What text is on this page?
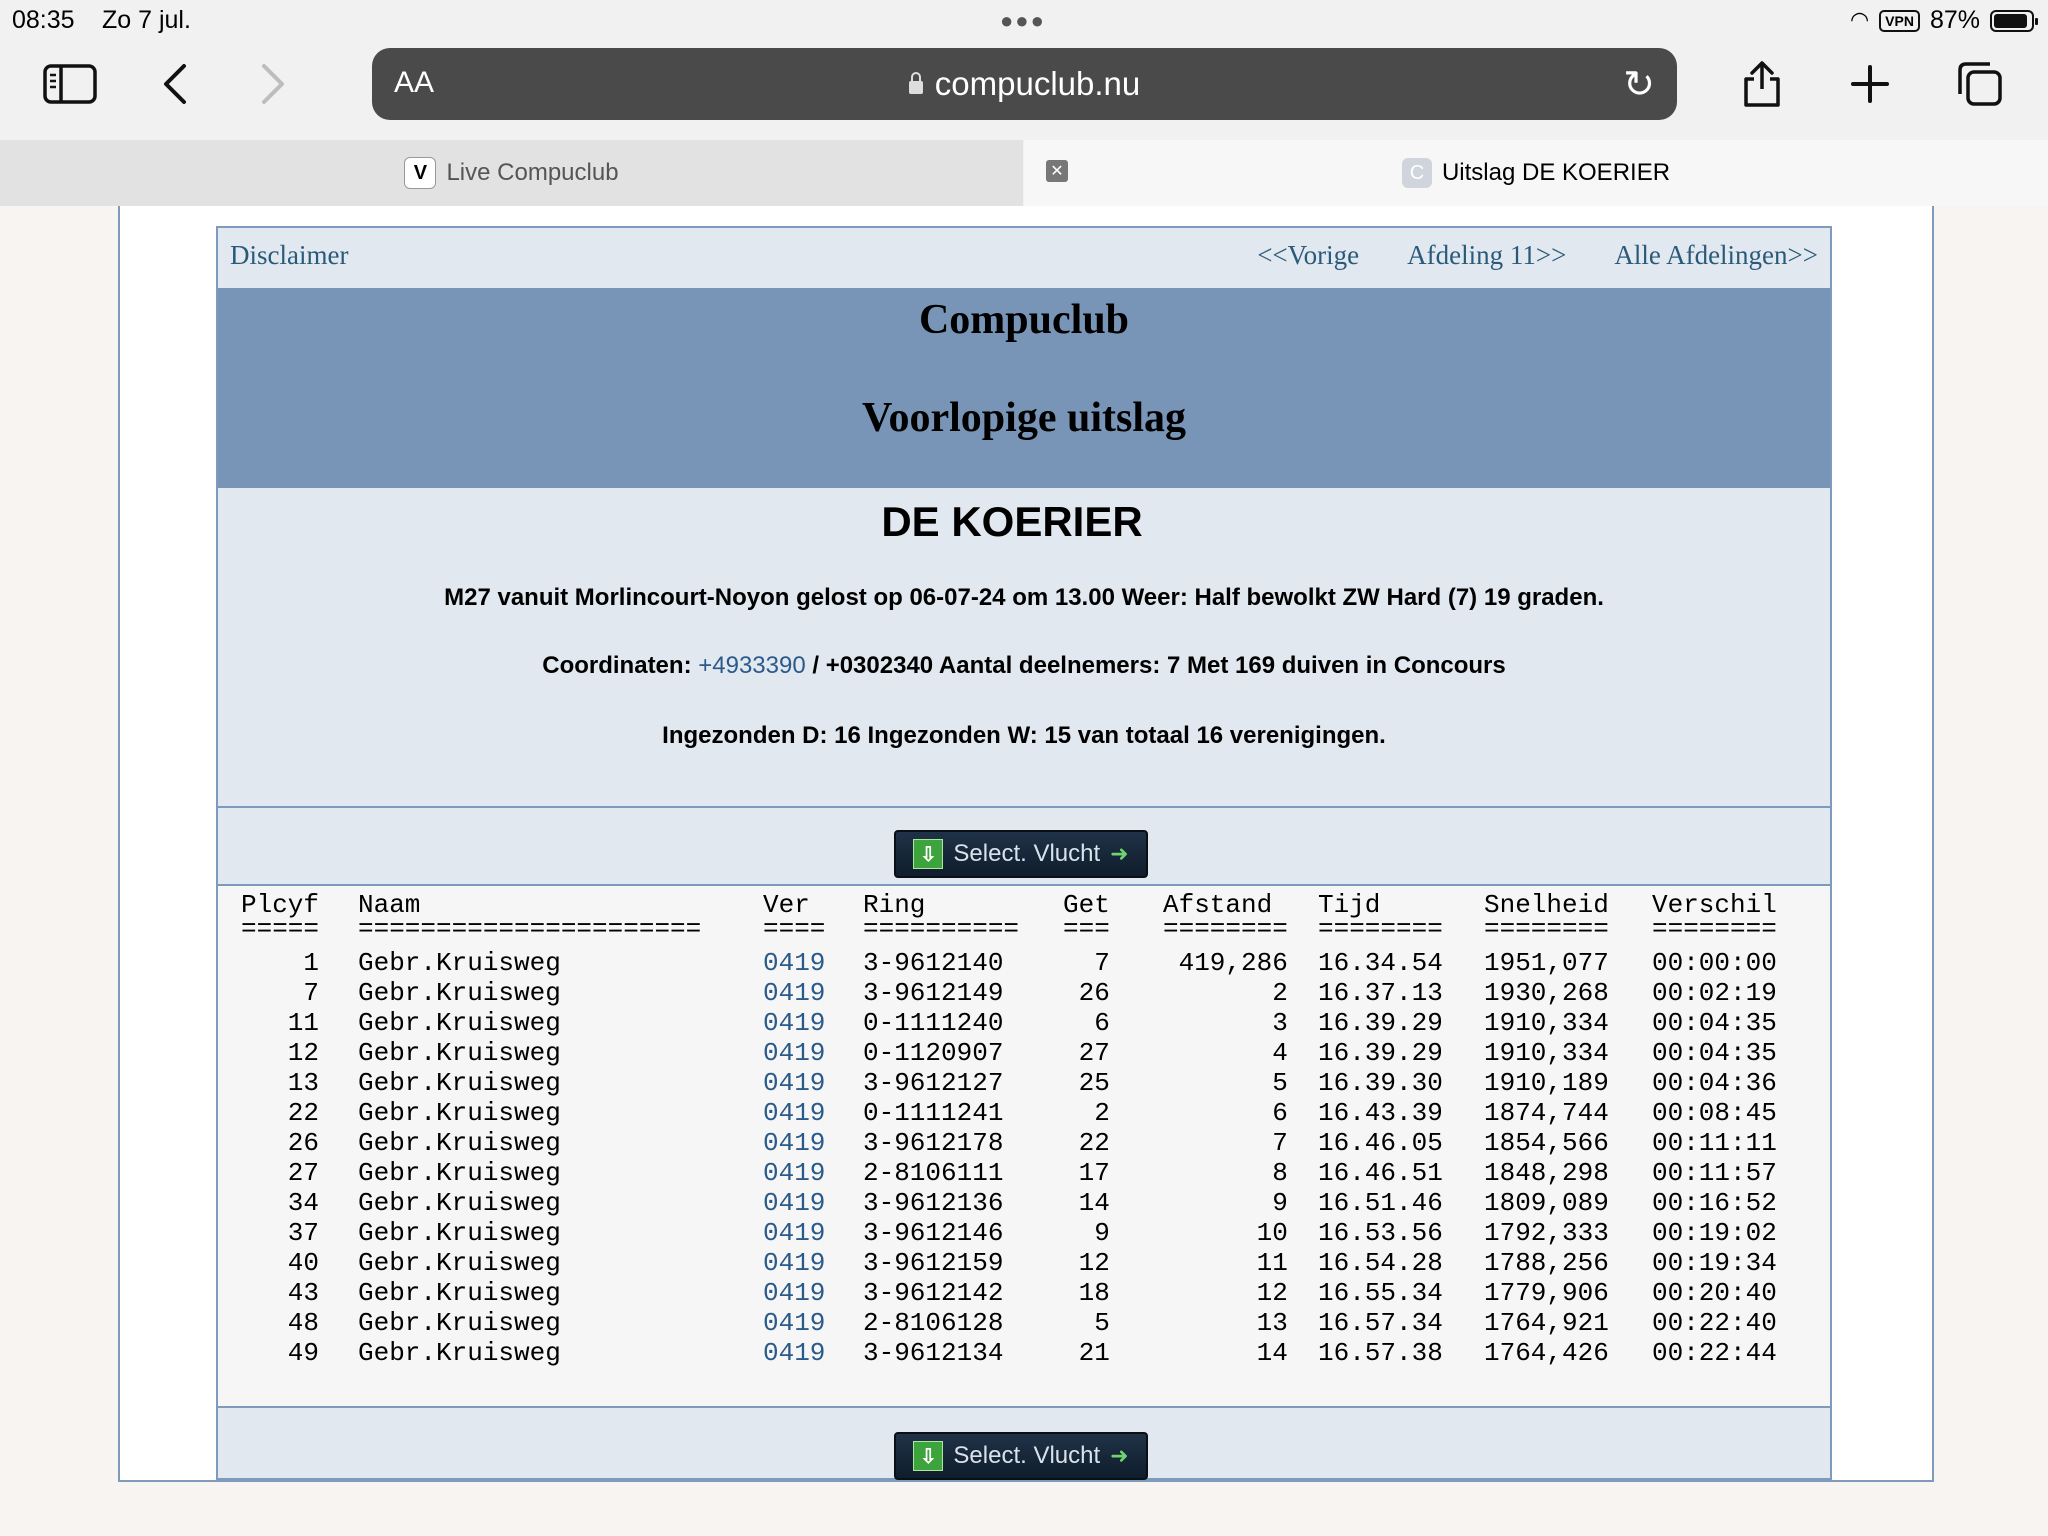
08:35 Zo 7 jul.	●●●	◠	VPN 87%
AA	compuclub.nu	↻
V Live Compuclub	C Uitslag DE KOERIER
✕
Disclaimer	<<Vorige Afdeling 11>> Alle Afdelingen>>
Compuclub
Voorlopige uitslag
DE KOERIER
M27 vanuit Morlincourt-Noyon gelost op 06-07-24 om 13.00 Weer: Half bewolkt ZW Hard (7) 19 graden.
Coordinaten: +4933390 / +0302340 Aantal deelnemers: 7 Met 169 duiven in Concours
Ingezonden D: 16 Ingezonden W: 15 van totaal 16 verenigingen.
⇩ Select. Vlucht ➜
Plcyf Naam	Ver Ring	Get Afstand Tijd	Snelheid Verschil
===== ====================== ==== ========== === ======== ======== ======== ========
1 Gebr.Kruisweg	0419 3-9612140	7	419,286 16.34.54 1951,077 00:00:00
7 Gebr.Kruisweg	0419 3-9612149	26	2 16.37.13 1930,268 00:02:19
11 Gebr.Kruisweg	0419 0-1111240	6	3 16.39.29 1910,334 00:04:35
12 Gebr.Kruisweg	0419 0-1120907	27	4 16.39.29 1910,334 00:04:35
13 Gebr.Kruisweg	0419 3-9612127	25	5 16.39.30 1910,189 00:04:36
22 Gebr.Kruisweg	0419 0-1111241	2	6 16.43.39 1874,744 00:08:45
26 Gebr.Kruisweg	0419 3-9612178	22	7 16.46.05 1854,566 00:11:11
27 Gebr.Kruisweg	0419 2-8106111	17	8 16.46.51 1848,298 00:11:57
34 Gebr.Kruisweg	0419 3-9612136	14	9 16.51.46 1809,089 00:16:52
37 Gebr.Kruisweg	0419 3-9612146	9	10 16.53.56 1792,333 00:19:02
40 Gebr.Kruisweg	0419 3-9612159	12	11 16.54.28 1788,256 00:19:34
43 Gebr.Kruisweg	0419 3-9612142	18	12 16.55.34 1779,906 00:20:40
48 Gebr.Kruisweg	0419 2-8106128	5	13 16.57.34 1764,921 00:22:40
49 Gebr.Kruisweg	0419 3-9612134	21	14 16.57.38 1764,426 00:22:44
⇩ Select. Vlucht ➜
